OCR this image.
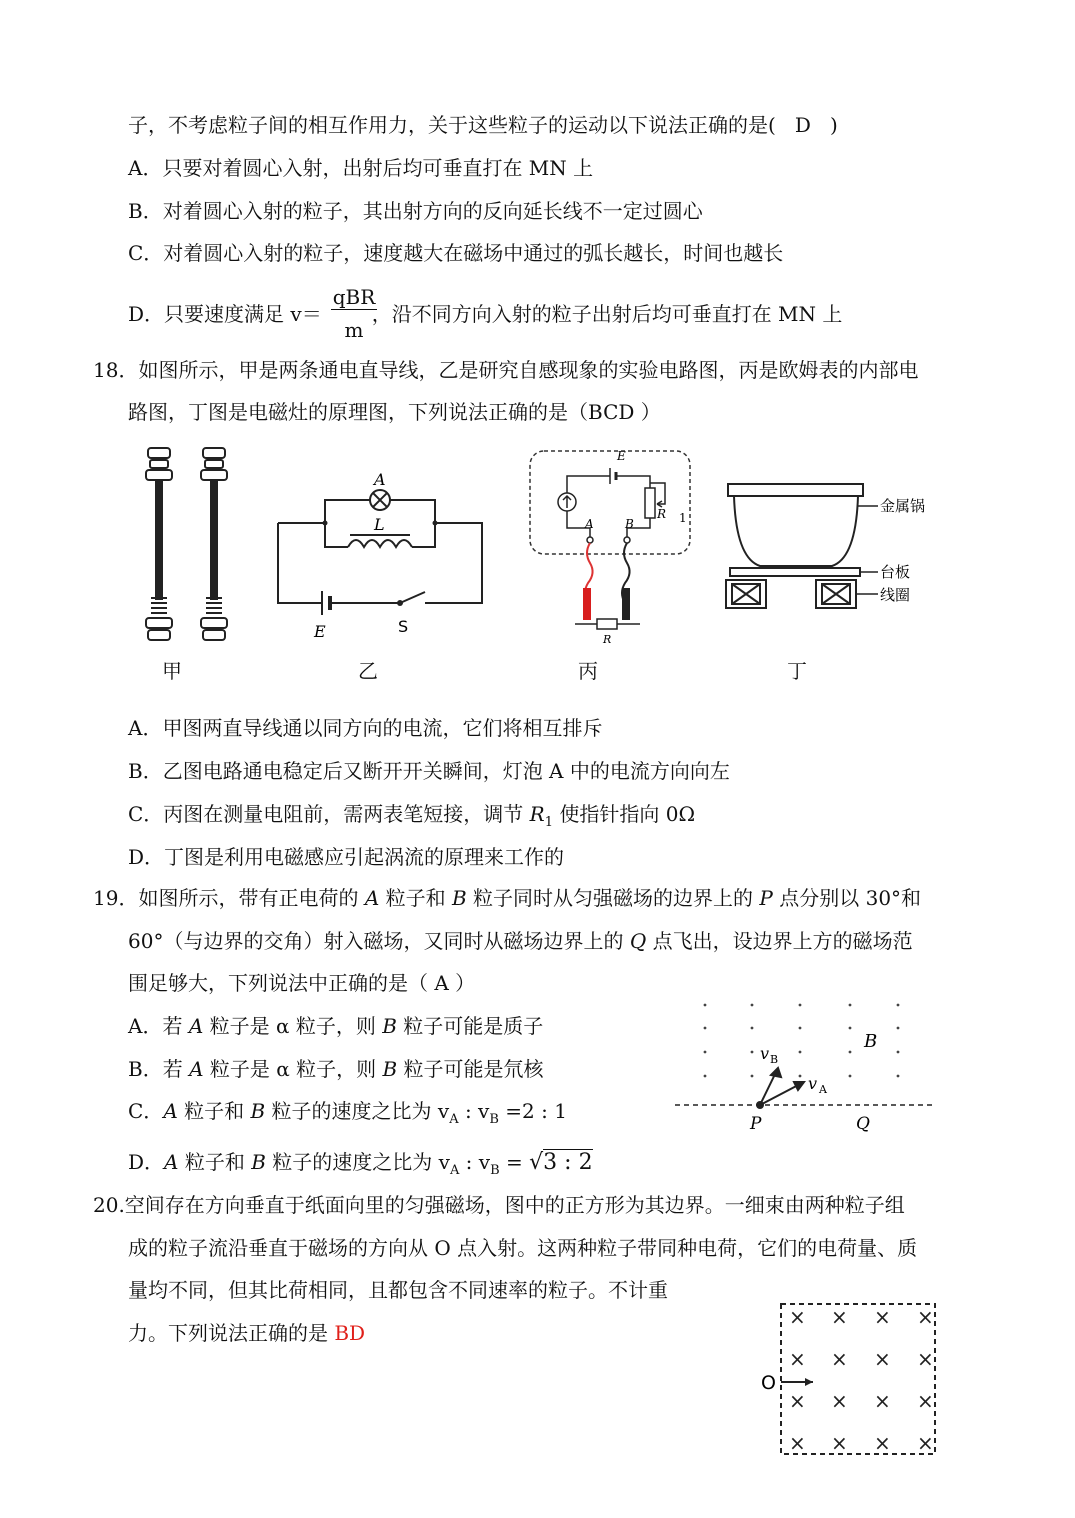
子，不考虑粒子间的相互作用力，关于这些粒子的运动以下说法正确的是( D )
A．只要对着圆心入射，出射后均可垂直打在 MN 上
B．对着圆心入射的粒子，其出射方向的反向延长线不一定过圆心
C．对着圆心入射的粒子，速度越大在磁场中通过的弧长越长，时间也越长
D．只要速度满足 v＝	，沿不同方向入射的粒子出射后均可垂直打在 MN 上
qBR
m
18．如图所示，甲是两条通电直导线，乙是研究自感现象的实验电路图，丙是欧姆表的内部电
路图，丁图是电磁灶的原理图，下列说法正确的是（BCD ）
甲
A
L
E	S
乙
E
R 1
A	B
R
丙
金属锅
台板
线圈
丁
A．甲图两直导线通以同方向的电流，它们将相互排斥
B．乙图电路通电稳定后又断开开关瞬间，灯泡 A 中的电流方向向左
C．丙图在测量电阻前，需两表笔短接，调节 $R_1$ 使指针指向 0Ω
D．丁图是利用电磁感应引起涡流的原理来工作的
19．如图所示，带有正电荷的 A 粒子和 B 粒子同时从匀强磁场的边界上的 P 点分别以 30°和
60°（与边界的交角）射入磁场，又同时从磁场边界上的 Q 点飞出，设边界上方的磁场范
围足够大，下列说法中正确的是（ A ）
A．若 A 粒子是 α 粒子，则 B 粒子可能是质子
B．若 A 粒子是 α 粒子，则 B 粒子可能是氘核
C．A 粒子和 B 粒子的速度之比为 $v_A$ : $v_B =2$ : 1
D．A 粒子和 B 粒子的速度之比为 $v_A$ : $v_B = √3$ : 2
v B
v A
B
P	Q
20.空间存在方向垂直于纸面向里的匀强磁场，图中的正方形为其边界。一细束由两种粒子组
成的粒子流沿垂直于磁场的方向从 O 点入射。这两种粒子带同种电荷，它们的电荷量、质
量均不同，但其比荷相同，且都包含不同速率的粒子。不计重
力。下列说法正确的是 BD
× × × ×
× × × ×
× × × ×
× × × ×
O
